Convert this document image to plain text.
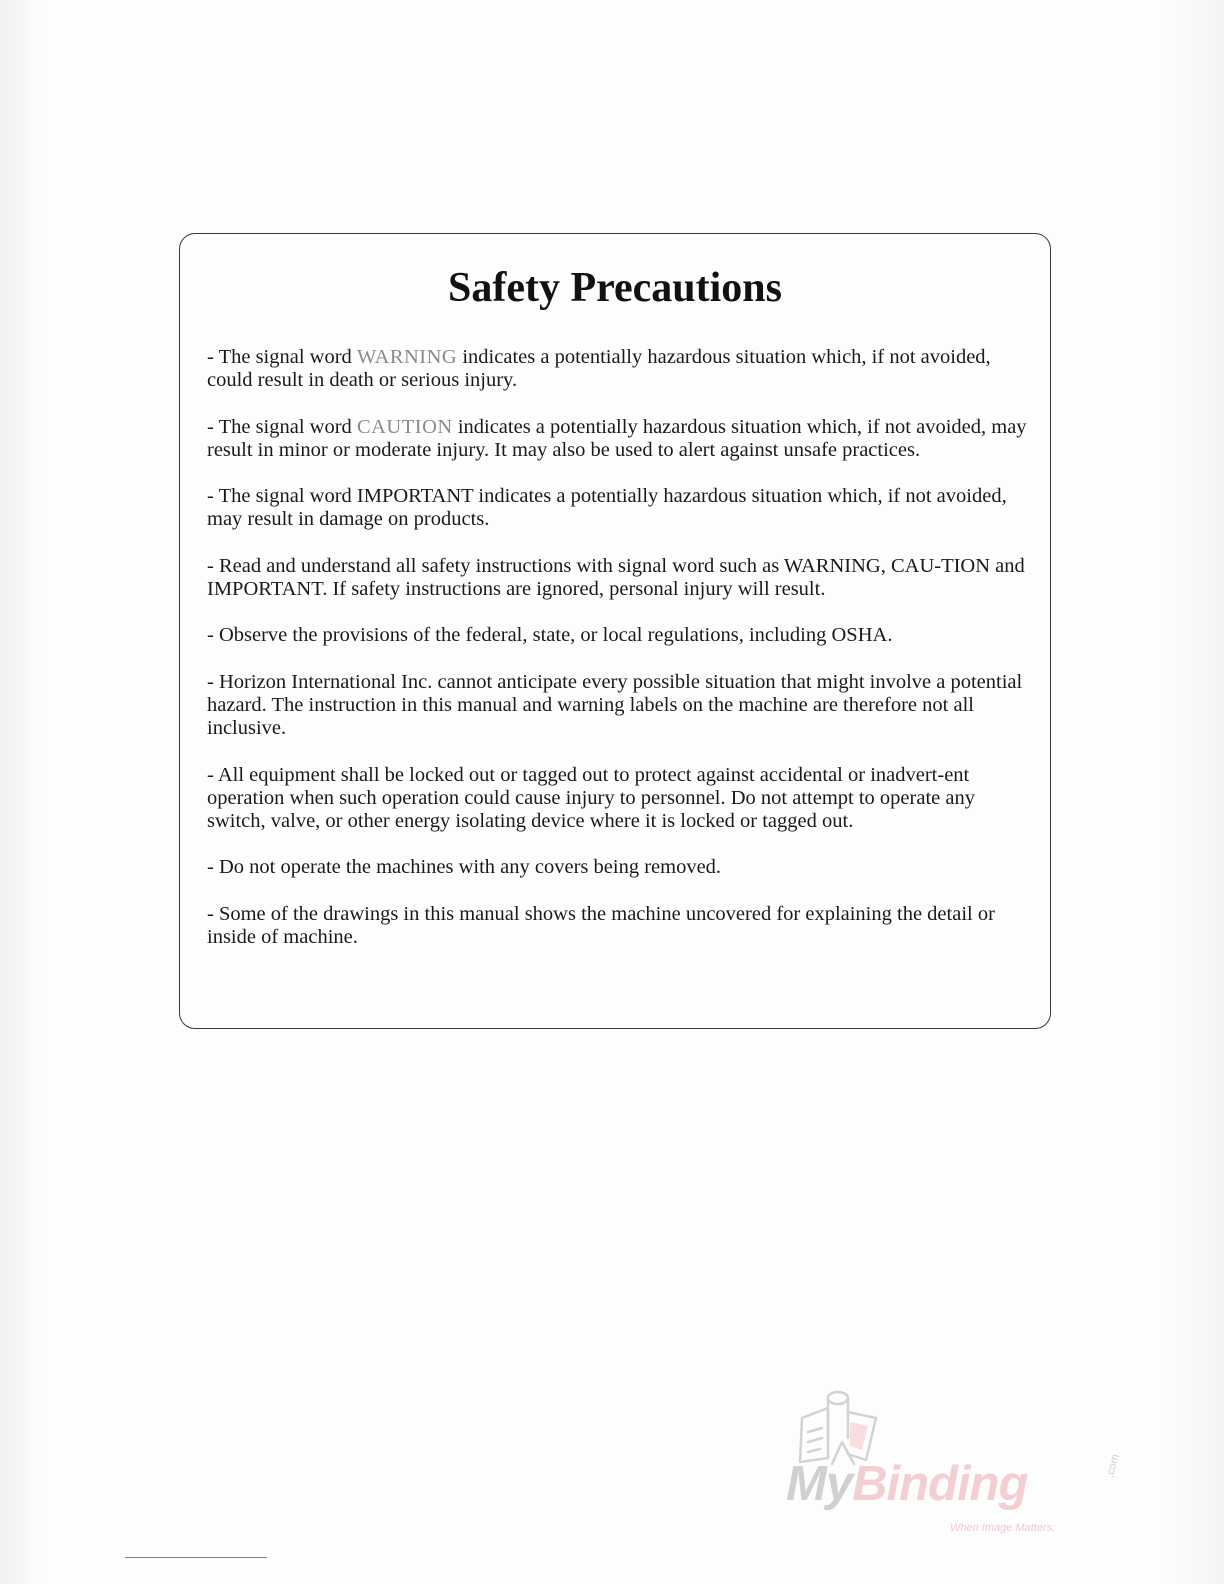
Safety Precautions

- The signal word WARNING indicates a potentially hazardous situation which, if not avoided, could result in death or serious injury.

- The signal word CAUTION indicates a potentially hazardous situation which, if not avoided, may result in minor or moderate injury. It may also be used to alert against unsafe practices.

- The signal word IMPORTANT indicates a potentially hazardous situation which, if not avoided, may result in damage on products.

- Read and understand all safety instructions with signal word such as WARNING, CAU-TION and IMPORTANT. If safety instructions are ignored, personal injury will result.

- Observe the provisions of the federal, state, or local regulations, including OSHA.

- Horizon International Inc. cannot anticipate every possible situation that might involve a potential hazard. The instruction in this manual and warning labels on the machine are therefore not all inclusive.

- All equipment shall be locked out or tagged out to protect against accidental or inadvert-ent operation when such operation could cause injury to personnel. Do not attempt to operate any switch, valve, or other energy isolating device where it is locked or tagged out.

- Do not operate the machines with any covers being removed.

- Some of the drawings in this manual shows the machine uncovered for explaining the detail or inside of machine.

MyBinding	.com
When Image Matters.
